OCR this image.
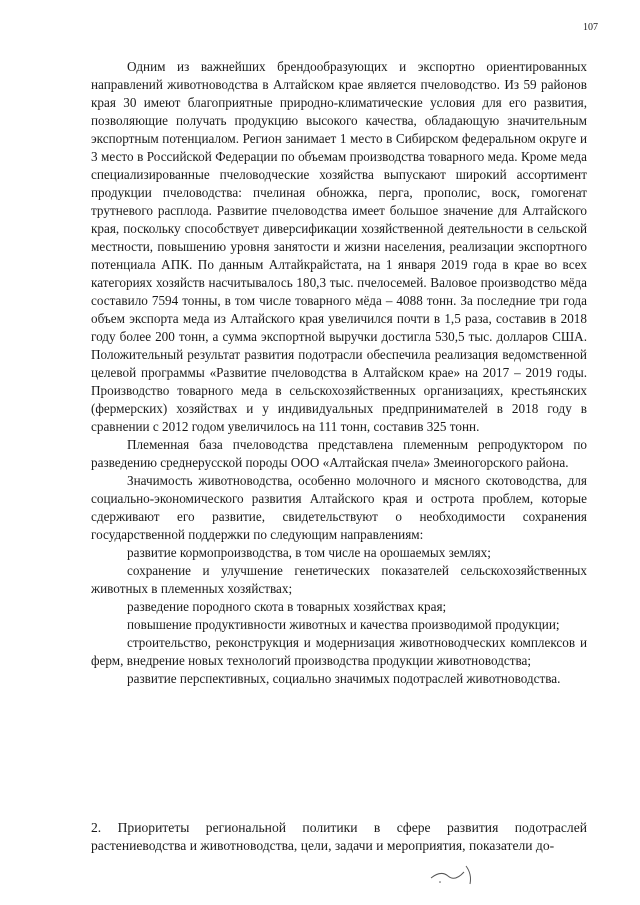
107

Одним из важнейших брендообразующих и экспортно ориентированных направлений животноводства в Алтайском крае является пчеловодство. Из 59 районов края 30 имеют благоприятные природно-климатические условия для его развития, позволяющие получать продукцию высокого качества, обладающую значительным экспортным потенциалом. Регион занимает 1 место в Сибирском федеральном округе и 3 место в Российской Федерации по объемам производства товарного меда. Кроме меда специализированные пчеловодческие хозяйства выпускают широкий ассортимент продукции пчеловодства: пчелиная обножка, перга, прополис, воск, гомогенат трутневого расплода. Развитие пчеловодства имеет большое значение для Алтайского края, поскольку способствует диверсификации хозяйственной деятельности в сельской местности, повышению уровня занятости и жизни населения, реализации экспортного потенциала АПК. По данным Алтайкрайстата, на 1 января 2019 года в крае во всех категориях хозяйств насчитывалось 180,3 тыс. пчелосемей. Валовое производство мёда составило 7594 тонны, в том числе товарного мёда – 4088 тонн. За последние три года объем экспорта меда из Алтайского края увеличился почти в 1,5 раза, составив в 2018 году более 200 тонн, а сумма экспортной выручки достигла 530,5 тыс. долларов США. Положительный результат развития подотрасли обеспечила реализация ведомственной целевой программы «Развитие пчеловодства в Алтайском крае» на 2017 – 2019 годы. Производство товарного меда в сельскохозяйственных организациях, крестьянских (фермерских) хозяйствах и у индивидуальных предпринимателей в 2018 году в сравнении с 2012 годом увеличилось на 111 тонн, составив 325 тонн.

Племенная база пчеловодства представлена племенным репродуктором по разведению среднерусской породы ООО «Алтайская пчела» Змеиногорского района.

Значимость животноводства, особенно молочного и мясного скотоводства, для социально-экономического развития Алтайского края и острота проблем, которые сдерживают его развитие, свидетельствуют о необходимости сохранения государственной поддержки по следующим направлениям:

развитие кормопроизводства, в том числе на орошаемых землях;

сохранение и улучшение генетических показателей сельскохозяйственных животных в племенных хозяйствах;

разведение породного скота в товарных хозяйствах края;

повышение продуктивности животных и качества производимой продукции;

строительство, реконструкция и модернизация животноводческих комплексов и ферм, внедрение новых технологий производства продукции животноводства;

развитие перспективных, социально значимых подотраслей животноводства.

2. Приоритеты региональной политики в сфере развития подотраслей растениеводства и животноводства, цели, задачи и мероприятия, показатели до-
